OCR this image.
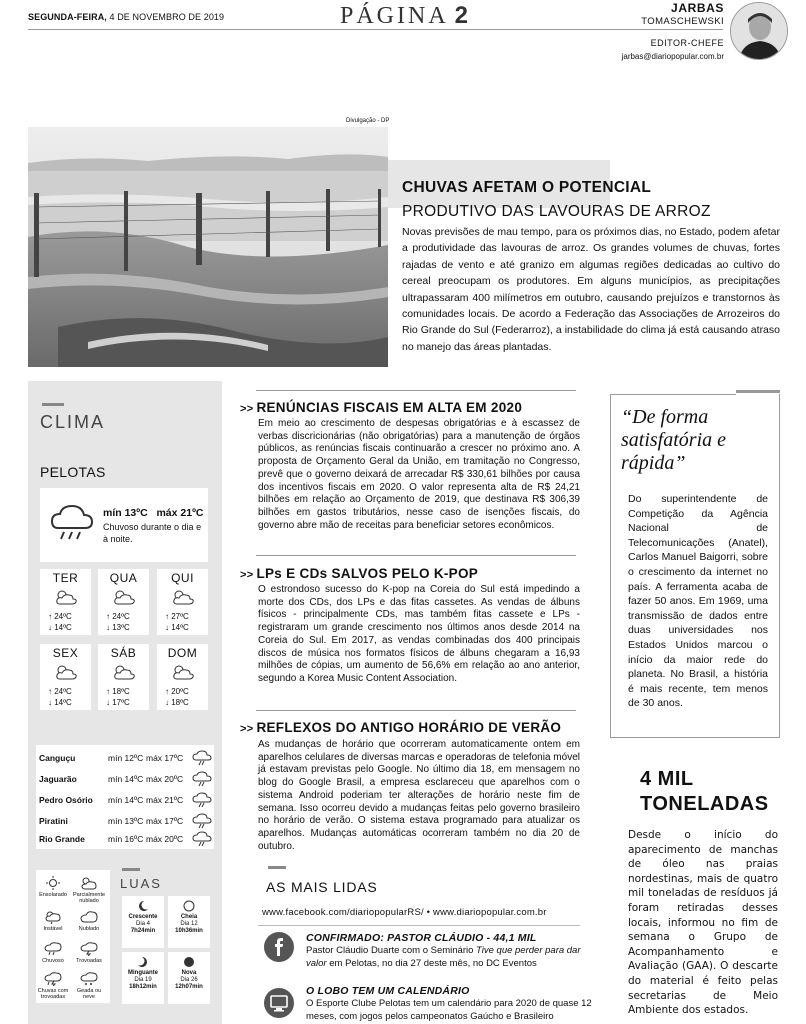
SEGUNDA-FEIRA, 4 DE NOVEMBRO DE 2019	PÁGINA 2	JARBAS
TOMASCHEWSKI
EDITOR-CHEFE
jarbas@diariopopular.com.br
Divulgação - DP
CHUVAS AFETAM O POTENCIAL
PRODUTIVO DAS LAVOURAS DE ARROZ
Novas previsões de mau tempo, para os próximos dias, no Estado, podem afetar a produtividade das lavouras de arroz. Os grandes volumes de chuvas, fortes rajadas de vento e até granizo em algumas regiões dedicadas ao cultivo do cereal preocupam os produtores. Em alguns municípios, as precipitações ultrapassaram 400 milímetros em outubro, causando prejuízos e transtornos às comunidades locais. De acordo a Federação das Associações de Arrozeiros do Rio Grande do Sul (Federarroz), a instabilidade do clima já está causando atraso no manejo das áreas plantadas.
CLIMA
PELOTAS
mín 13ºC máx 21ºC
Chuvoso durante o dia e à noite.
TER
↑ 24ºC
↓ 14ºC
QUA
↑ 24ºC
↓ 13ºC
QUI
↑ 27ºC
↓ 14ºC
SEX
↑ 24ºC
↓ 14ºC
SÁB
↑ 18ºC
↓ 17ºC
DOM
↑ 20ºC
↓ 18ºC
Canguçu	mín 12ºC máx 17ºC
Jaguarão	mín 14ºC máx 20ºC
Pedro Osório mín 14ºC máx 21ºC
Piratini	mín 13ºC máx 17ºC
Rio Grande	mín 16ºC máx 20ºC

Ensolarado	Parcialmente nublado

Instável	Nublado

Chuvoso	Trovoadas

Chuvas com trovoadas

Geada ou neve
LUAS
Crescente
Dia 4
7h24min
Cheia
Dia 12
10h36min
Minguante
Dia 19
18h12min
Nova
Dia 26
12h07min
>> RENÚNCIAS FISCAIS EM ALTA EM 2020
Em meio ao crescimento de despesas obrigatórias e à escassez de verbas discricionárias (não obrigatórias) para a manutenção de órgãos públicos, as renúncias fiscais continuarão a crescer no próximo ano. A proposta de Orçamento Geral da União, em tramitação no Congresso, prevê que o governo deixará de arrecadar R$ 330,61 bilhões por causa dos incentivos fiscais em 2020. O valor representa alta de R$ 24,21 bilhões em relação ao Orçamento de 2019, que destinava R$ 306,39 bilhões em gastos tributários, nesse caso de isenções fiscais, do governo abre mão de receitas para beneficiar setores econômicos.
>> LPs E CDs SALVOS PELO K-POP
O estrondoso sucesso do K-pop na Coreia do Sul está impedindo a morte dos CDs, dos LPs e das fitas cassetes. As vendas de álbuns físicos - principalmente CDs, mas também fitas cassete e LPs - registraram um grande crescimento nos últimos anos desde 2014 na Coreia do Sul. Em 2017, as vendas combinadas dos 400 principais discos de música nos formatos físicos de álbuns chegaram a 16,93 milhões de cópias, um aumento de 56,6% em relação ao ano anterior, segundo a Korea Music Content Association.
>> REFLEXOS DO ANTIGO HORÁRIO DE VERÃO
As mudanças de horário que ocorreram automaticamente ontem em aparelhos celulares de diversas marcas e operadoras de telefonia móvel já estavam previstas pelo Google. No último dia 18, em mensagem no blog do Google Brasil, a empresa esclareceu que aparelhos com o sistema Android poderiam ter alterações de horário neste fim de semana. Isso ocorreu devido a mudanças feitas pelo governo brasileiro no horário de verão. O sistema estava programado para atualizar os aparelhos. Mudanças automáticas ocorreram também no dia 20 de outubro.
AS MAIS LIDAS
www.facebook.com/diariopopularRS/ • www.diariopopular.com.br
CONFIRMADO: PASTOR CLÁUDIO - 44,1 MIL
Pastor Cláudio Duarte com o Seminário Tive que perder para dar valor em Pelotas, no dia 27 deste mês, no DC Eventos
O LOBO TEM UM CALENDÁRIO
O Esporte Clube Pelotas tem um calendário para 2020 de quase 12 meses, com jogos pelos campeonatos Gaúcho e Brasileiro
“De forma satisfatória e rápida”
Do superintendente de Competição da Agência Nacional de Telecomunicações (Anatel), Carlos Manuel Baigorri, sobre o crescimento da internet no país. A ferramenta acaba de fazer 50 anos. Em 1969, uma transmissão de dados entre duas universidades nos Estados Unidos marcou o início da maior rede do planeta. No Brasil, a história é mais recente, tem menos de 30 anos.
4 MIL TONELADAS
Desde o início do aparecimento de manchas de óleo nas praias nordestinas, mais de quatro mil toneladas de resíduos já foram retiradas desses locais, informou no fim de semana o Grupo de Acompanhamento e Avaliação (GAA). O descarte do material é feito pelas secretarias de Meio Ambiente dos estados.
